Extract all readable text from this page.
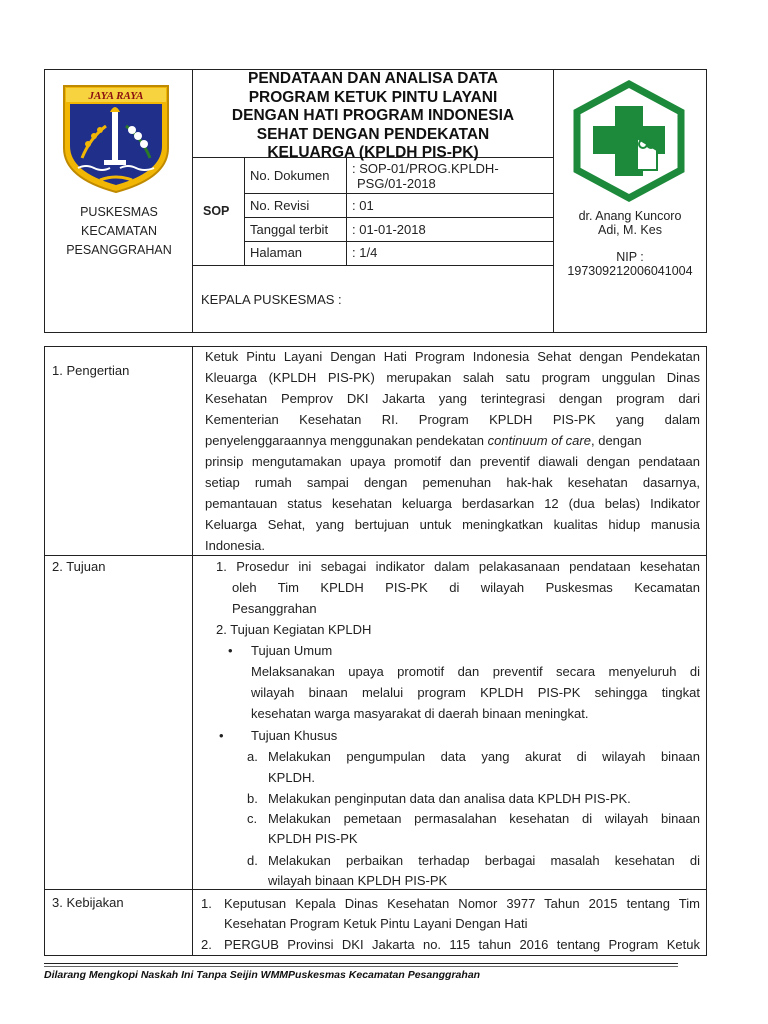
JAYA RAYA
PUSKESMAS
KECAMATAN
PESANGGRAHAN
PENDATAAN DAN ANALISA DATA
PROGRAM KETUK PINTU LAYANI
DENGAN HATI PROGRAM INDONESIA
SEHAT DENGAN PENDEKATAN
KELUARGA (KPLDH PIS-PK)
SOP
No. Dokumen : SOP-01/PROG.KPLDH-
PSG/01-2018
No. Revisi	: 01
Tanggal terbit : 01-01-2018
Halaman	: 1/4
KEPALA PUSKESMAS :
dr. Anang Kuncoro
Adi, M. Kes
NIP :
197309212006041004
1. Pengertian
Ketuk Pintu Layani Dengan Hati Program Indonesia Sehat dengan Pendekatan
Kleuarga (KPLDH PIS-PK) merupakan salah satu program unggulan Dinas
Kesehatan Pemprov DKI Jakarta yang terintegrasi dengan program dari
Kementerian Kesehatan RI. Program KPLDH PIS-PK yang dalam
penyelenggaraannya menggunakan pendekatan continuum of care, dengan
prinsip mengutamakan upaya promotif dan preventif diawali dengan pendataan
setiap rumah sampai dengan pemenuhan hak-hak kesehatan dasarnya,
pemantauan status kesehatan keluarga berdasarkan 12 (dua belas) Indikator
Keluarga Sehat, yang bertujuan untuk meningkatkan kualitas hidup manusia
Indonesia.
2. Tujuan	1. Prosedur ini sebagai indikator dalam pelakasanaan pendataan kesehatan
oleh Tim KPLDH PIS-PK di wilayah Puskesmas Kecamatan
Pesanggrahan
2. Tujuan Kegiatan KPLDH
• Tujuan Umum
Melaksanakan upaya promotif dan preventif secara menyeluruh di
wilayah binaan melalui program KPLDH PIS-PK sehingga tingkat
kesehatan warga masyarakat di daerah binaan meningkat.
• Tujuan Khusus
a. Melakukan pengumpulan data yang akurat di wilayah binaan
KPLDH.
b. Melakukan penginputan data dan analisa data KPLDH PIS-PK.
c. Melakukan pemetaan permasalahan kesehatan di wilayah binaan
KPLDH PIS-PK
d. Melakukan perbaikan terhadap berbagai masalah kesehatan di
wilayah binaan KPLDH PIS-PK
3. Kebijakan	1. Keputusan Kepala Dinas Kesehatan Nomor 3977 Tahun 2015 tentang Tim
Kesehatan Program Ketuk Pintu Layani Dengan Hati
2. PERGUB Provinsi DKI Jakarta no. 115 tahun 2016 tentang Program Ketuk
Dilarang Mengkopi Naskah Ini Tanpa Seijin WMMPuskesmas Kecamatan Pesanggrahan
